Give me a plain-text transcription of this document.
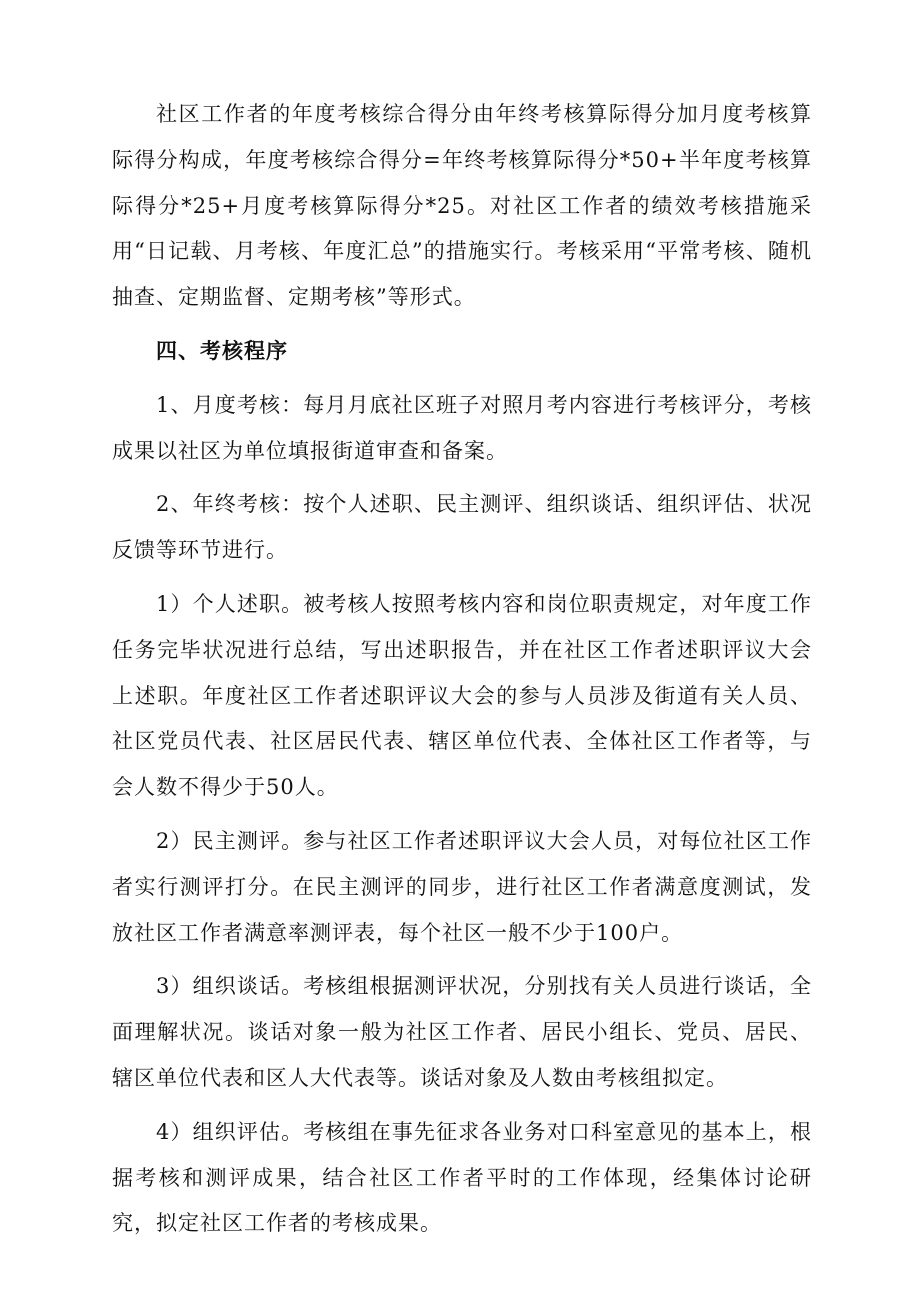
社区工作者的年度考核综合得分由年终考核算际得分加月度考核算际得分构成，年度考核综合得分=年终考核算际得分*50+半年度考核算际得分*25+月度考核算际得分*25。对社区工作者的绩效考核措施采用“日记载、月考核、年度汇总”的措施实行。考核采用“平常考核、随机抽查、定期监督、定期考核”等形式。

四、考核程序

1、月度考核：每月月底社区班子对照月考内容进行考核评分，考核成果以社区为单位填报街道审查和备案。

2、年终考核：按个人述职、民主测评、组织谈话、组织评估、状况反馈等环节进行。

1）个人述职。被考核人按照考核内容和岗位职责规定，对年度工作任务完毕状况进行总结，写出述职报告，并在社区工作者述职评议大会上述职。年度社区工作者述职评议大会的参与人员涉及街道有关人员、社区党员代表、社区居民代表、辖区单位代表、全体社区工作者等，与会人数不得少于50人。

2）民主测评。参与社区工作者述职评议大会人员，对每位社区工作者实行测评打分。在民主测评的同步，进行社区工作者满意度测试，发放社区工作者满意率测评表，每个社区一般不少于100户。

3）组织谈话。考核组根据测评状况，分别找有关人员进行谈话，全面理解状况。谈话对象一般为社区工作者、居民小组长、党员、居民、辖区单位代表和区人大代表等。谈话对象及人数由考核组拟定。

4）组织评估。考核组在事先征求各业务对口科室意见的基本上，根据考核和测评成果，结合社区工作者平时的工作体现，经集体讨论研究，拟定社区工作者的考核成果。
